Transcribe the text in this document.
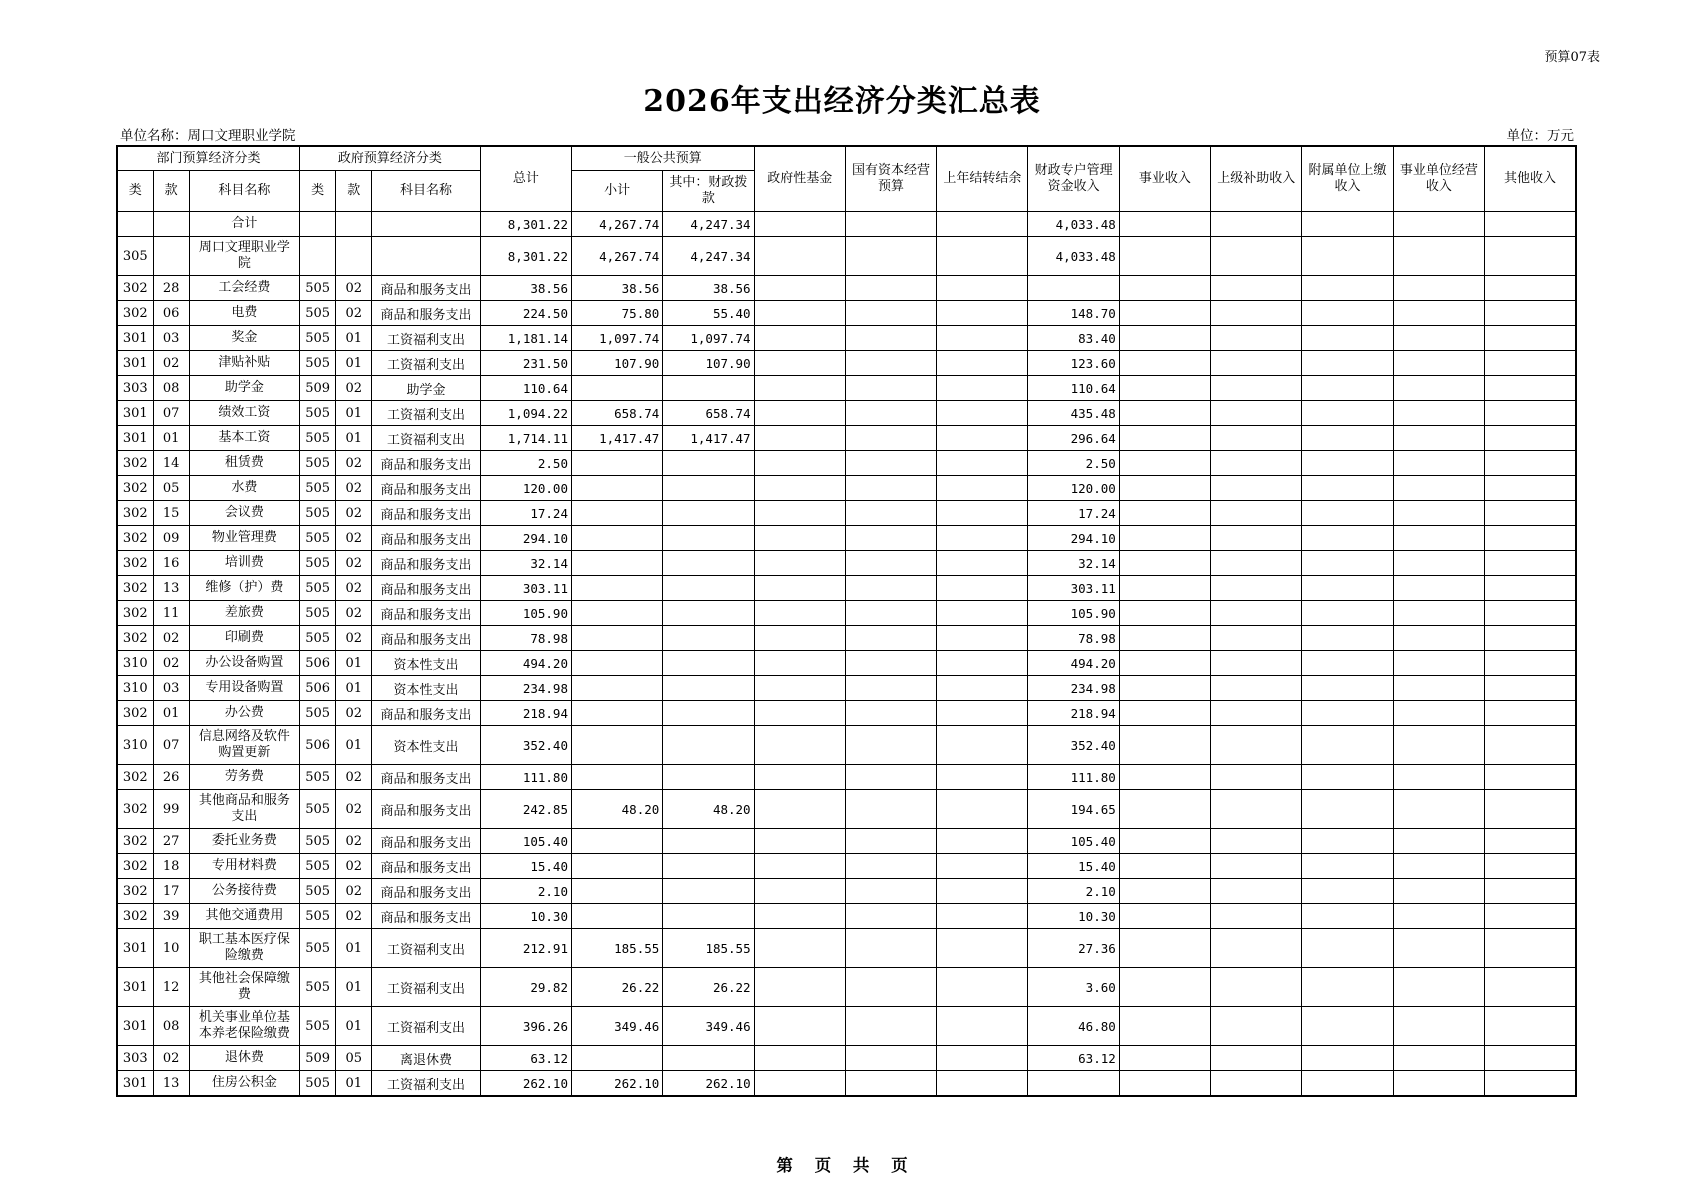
预算07表
2026年支出经济分类汇总表
单位名称：周口文理职业学院	单位：万元
部门预算经济分类			政府预算经济分类			总计	一般公共预算		政府性基金	国有资本经营预算	上年结转结余	财政专户管理资金收入	事业收入	上级补助收入	附属单位上缴收入	事业单位经营收入	其他收入
类	款	科目名称	类	款	科目名称		小计	其中：财政拨款									
		合计				8,301.22	4,267.74	4,247.34				4,033.48					
305		周口文理职业学院				8,301.22	4,267.74	4,247.34				4,033.48					
302	28	工会经费	505	02	商品和服务支出	38.56	38.56	38.56									
302	06	电费	505	02	商品和服务支出	224.50	75.80	55.40				148.70					
301	03	奖金	505	01	工资福利支出	1,181.14	1,097.74	1,097.74				83.40					
301	02	津贴补贴	505	01	工资福利支出	231.50	107.90	107.90				123.60					
303	08	助学金	509	02	助学金	110.64						110.64					
301	07	绩效工资	505	01	工资福利支出	1,094.22	658.74	658.74				435.48					
301	01	基本工资	505	01	工资福利支出	1,714.11	1,417.47	1,417.47				296.64					
302	14	租赁费	505	02	商品和服务支出	2.50						2.50					
302	05	水费	505	02	商品和服务支出	120.00						120.00					
302	15	会议费	505	02	商品和服务支出	17.24						17.24					
302	09	物业管理费	505	02	商品和服务支出	294.10						294.10					
302	16	培训费	505	02	商品和服务支出	32.14						32.14					
302	13	维修（护）费	505	02	商品和服务支出	303.11						303.11					
302	11	差旅费	505	02	商品和服务支出	105.90						105.90					
302	02	印刷费	505	02	商品和服务支出	78.98						78.98					
310	02	办公设备购置	506	01	资本性支出	494.20						494.20					
310	03	专用设备购置	506	01	资本性支出	234.98						234.98					
302	01	办公费	505	02	商品和服务支出	218.94						218.94					
310	07	信息网络及软件购置更新	506	01	资本性支出	352.40						352.40					
302	26	劳务费	505	02	商品和服务支出	111.80						111.80					
302	99	其他商品和服务支出	505	02	商品和服务支出	242.85	48.20	48.20				194.65					
302	27	委托业务费	505	02	商品和服务支出	105.40						105.40					
302	18	专用材料费	505	02	商品和服务支出	15.40						15.40					
302	17	公务接待费	505	02	商品和服务支出	2.10						2.10					
302	39	其他交通费用	505	02	商品和服务支出	10.30						10.30					
301	10	职工基本医疗保险缴费	505	01	工资福利支出	212.91	185.55	185.55				27.36					
301	12	其他社会保障缴费	505	01	工资福利支出	29.82	26.22	26.22				3.60					
301	08	机关事业单位基本养老保险缴费	505	01	工资福利支出	396.26	349.46	349.46				46.80					
303	02	退休费	509	05	离退休费	63.12						63.12					
301	13	住房公积金	505	01	工资福利支出	262.10	262.10	262.10									
第 页 共 页
